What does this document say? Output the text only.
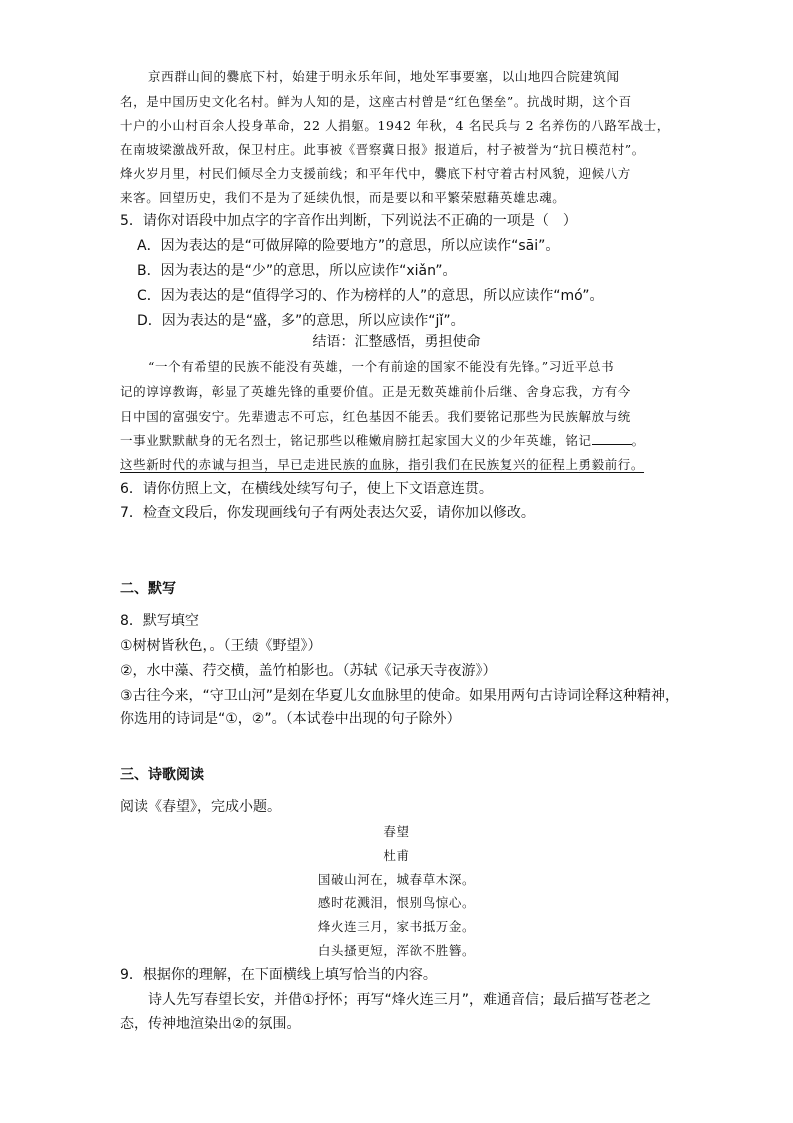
京西群山间的爨底下村，始建于明永乐年间，地处军事要塞，以山地四合院建筑闻
名，是中国历史文化名村。鲜为人知的是，这座古村曾是“红色堡垒”。抗战时期，这个百
十户的小山村百余人投身革命，22 人捐躯。1942 年秋，4 名民兵与 2 名养伤的八路军战士，
在南坡梁激战歼敌，保卫村庄。此事被《晋察冀日报》报道后，村子被誉为“抗日模范村”。
烽火岁月里，村民们倾尽全力支援前线；和平年代中，爨底下村守着古村风貌，迎候八方
来客。回望历史，我们不是为了延续仇恨，而是要以和平繁荣慰藉英雄忠魂。
5．请你对语段中加点字的字音作出判断，下列说法不正确的一项是（　）
A．因为表达的是“可做屏障的险要地方”的意思，所以应读作“sāi”。
B．因为表达的是“少”的意思，所以应读作“xiǎn”。
C．因为表达的是“值得学习的、作为榜样的人”的意思，所以应读作“mó”。
D．因为表达的是“盛，多”的意思，所以应读作“jǐ”。
结语：汇整感悟，勇担使命
“一个有希望的民族不能没有英雄，一个有前途的国家不能没有先锋。”习近平总书
记的谆谆教诲，彰显了英雄先锋的重要价值。正是无数英雄前仆后继、舍身忘我，方有今
日中国的富强安宁。先辈遗志不可忘，红色基因不能丢。我们要铭记那些为民族解放与统
一事业默默献身的无名烈士，铭记那些以稚嫩肩膀扛起家国大义的少年英雄，铭记	。
这些新时代的赤诚与担当，早已走进民族的血脉，指引我们在民族复兴的征程上勇毅前行。
6．请你仿照上文，在横线处续写句子，使上下文语意连贯。
7．检查文段后，你发现画线句子有两处表达欠妥，请你加以修改。
二、默写
8．默写填空
①树树皆秋色，。（王绩《野望》）
②，水中藻、荇交横，盖竹柏影也。（苏轼《记承天寺夜游》）
③古往今来，“守卫山河”是刻在华夏儿女血脉里的使命。如果用两句古诗词诠释这种精神，
你选用的诗词是“①，②”。（本试卷中出现的句子除外）
三、诗歌阅读
阅读《春望》，完成小题。
春望
杜甫
国破山河在，城春草木深。
感时花溅泪，恨别鸟惊心。
烽火连三月，家书抵万金。
白头搔更短，浑欲不胜簪。
9．根据你的理解，在下面横线上填写恰当的内容。
诗人先写春望长安，并借①抒怀；再写“烽火连三月”，难通音信；最后描写苍老之
态，传神地渲染出②的氛围。
